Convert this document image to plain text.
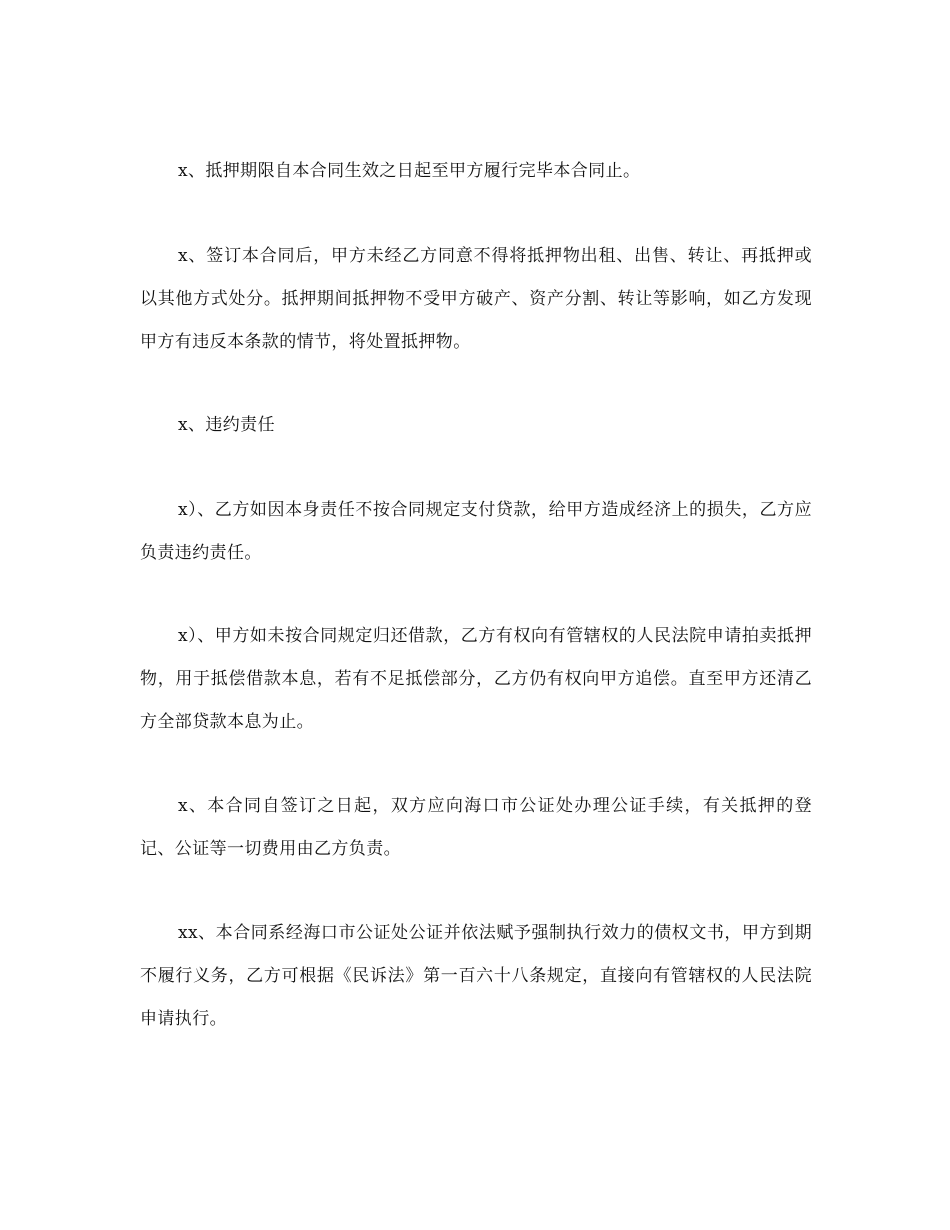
x、抵押期限自本合同生效之日起至甲方履行完毕本合同止。

x、签订本合同后，甲方未经乙方同意不得将抵押物出租、出售、转让、再抵押或以其他方式处分。抵押期间抵押物不受甲方破产、资产分割、转让等影响，如乙方发现甲方有违反本条款的情节，将处置抵押物。

x、违约责任

x）、乙方如因本身责任不按合同规定支付贷款，给甲方造成经济上的损失，乙方应负责违约责任。

x）、甲方如未按合同规定归还借款，乙方有权向有管辖权的人民法院申请拍卖抵押物，用于抵偿借款本息，若有不足抵偿部分，乙方仍有权向甲方追偿。直至甲方还清乙方全部贷款本息为止。

x、本合同自签订之日起，双方应向海口市公证处办理公证手续，有关抵押的登记、公证等一切费用由乙方负责。

xx、本合同系经海口市公证处公证并依法赋予强制执行效力的债权文书，甲方到期不履行义务，乙方可根据《民诉法》第一百六十八条规定，直接向有管辖权的人民法院申请执行。
